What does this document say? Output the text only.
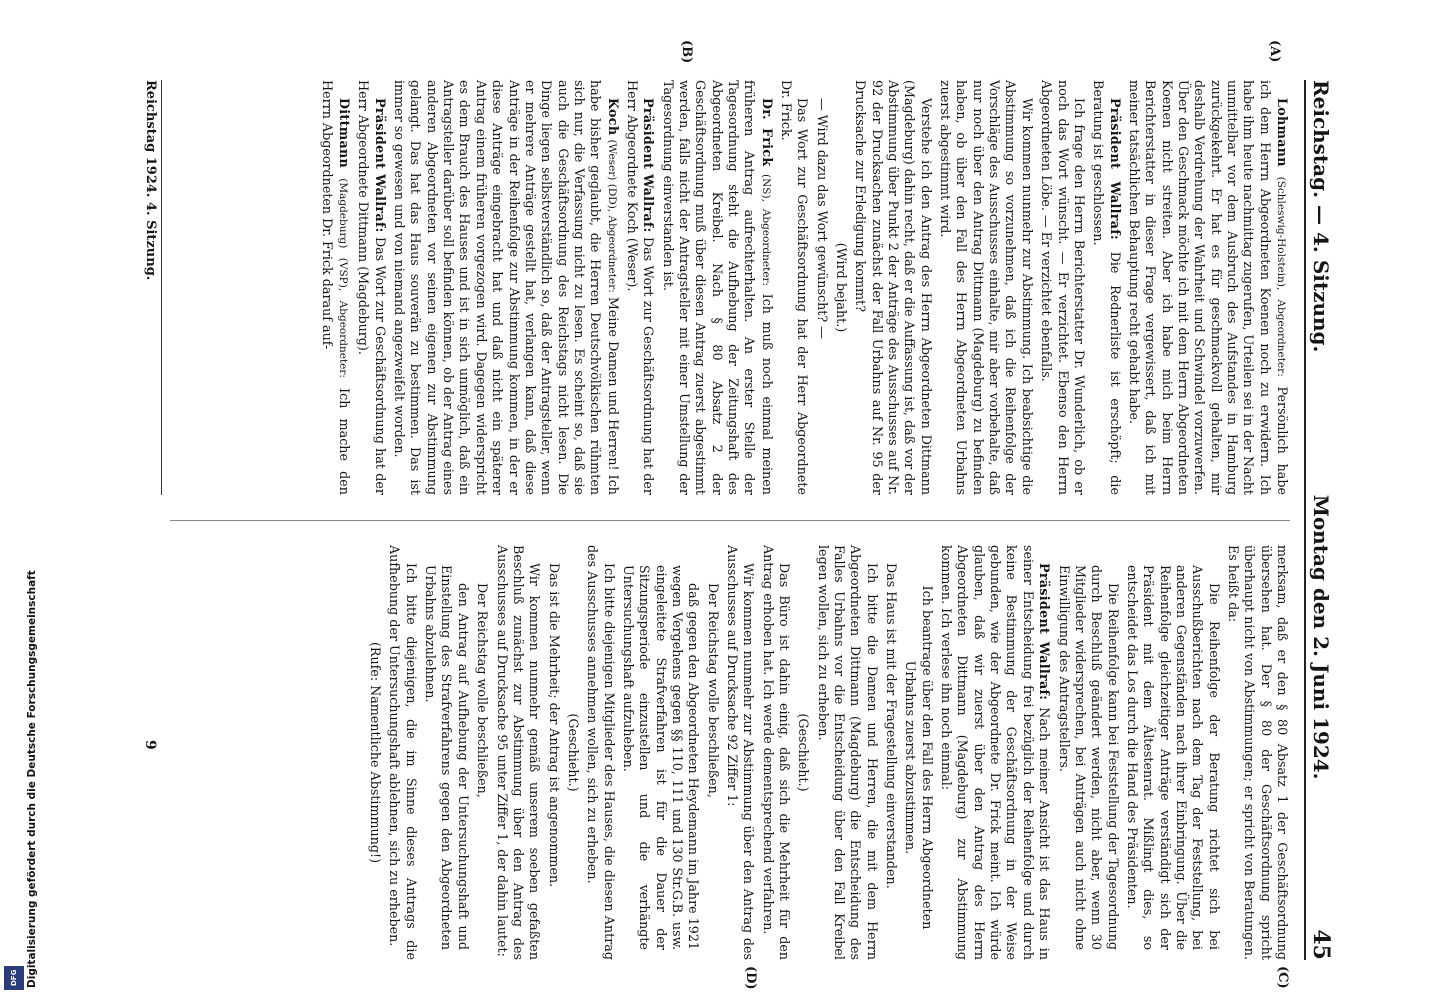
Digitalisierung gefördert durch die Deutsche Forschungsgemeinschaft
DFG
Reichstag. — 4. Sitzung.
Montag den 2. Juni 1924.
45
(A)
(B)
(C)
(D)

Lohmann (Schleswig-Holstein), Abgeordneter: Persönlich habe ich dem Herrn Abgeordneten Koenen noch zu erwidern. Ich habe ihm heute nachmittag zugerufen, Urteilen sei in der Nacht unmittelbar vor dem Ausbruch des Aufstandes in Hamburg zurückgekehrt. Er hat es für geschmackvoll gehalten, mir deshalb Verdrehung der Wahrheit und Schwindel vorzuwerfen. Über den Geschmack möchte ich mit dem Herrn Abgeordneten Koenen nicht streiten. Aber ich habe mich beim Herrn Berichterstatter in dieser Frage vergewissert, daß ich mit meiner tatsächlichen Behauptung recht gehabt habe.

Präsident Wallraf: Die Rednerliste ist erschöpft; die Beratung ist geschlossen.

Ich frage den Herrn Berichterstatter Dr. Wunderlich, ob er noch das Wort wünscht. — Er verzichtet. Ebenso den Herrn Abgeordneten Löbe. — Er verzichtet ebenfalls.

Wir kommen nunmehr zur Abstimmung. Ich beabsichtige die Abstimmung so vorzunehmen, daß ich die Reihenfolge der Vorschläge des Ausschusses einhalte, mir aber vorbehalte, daß nur noch über den Antrag Dittmann (Magdeburg) zu befinden haben, ob über den Fall des Herrn Abgeordneten Urbahns zuerst abgestimmt wird.

Verstehe ich den Antrag des Herrn Abgeordneten Dittmann (Magdeburg) dahin recht, daß er die Auffassung ist, daß vor der Abstimmung über Punkt 2 der Anträge des Ausschusses auf Nr. 92 der Drucksachen zunächst der Fall Urbahns auf Nr. 95 der Drucksache zur Erledigung kommt?

(Wird bejaht.)

— Wird dazu das Wort gewünscht? —

Das Wort zur Geschäftsordnung hat der Herr Abgeordnete Dr. Frick.

Dr. Frick (NS), Abgeordneter: Ich muß noch einmal meinen früheren Antrag aufrechterhalten. An erster Stelle der Tagesordnung steht die Aufhebung der Zeitungshaft des Abgeordneten Kreibel. Nach § 80 Absatz 2 der Geschäftsordnung muß über diesen Antrag zuerst abgestimmt werden, falls nicht der Antragsteller mit einer Umstellung der Tagesordnung einverstanden ist.

Präsident Wallraf: Das Wort zur Geschäftsordnung hat der Herr Abgeordnete Koch (Weser).

Koch (Weser) (DD), Abgeordneter: Meine Damen und Herren! Ich habe bisher geglaubt, die Herren Deutschvölkischen rühmten sich nur, die Verfassung nicht zu lesen. Es scheint so, daß sie auch die Geschäftsordnung des Reichstags nicht lesen. Die Dinge liegen selbstverständlich so, daß der Antragsteller, wenn er mehrere Anträge gestellt hat, verlangen kann, daß diese Anträge in der Reihenfolge zur Abstimmung kommen, in der er diese Anträge eingebracht hat und daß nicht ein späterer Antrag einem früheren vorgezogen wird. Dagegen widerspricht es dem Brauch des Hauses und ist in sich unmöglich, daß ein Antragsteller darüber soll befinden können, ob der Antrag eines anderen Abgeordneten vor seinen eigenen zur Abstimmung gelangt. Das hat das Haus souverän zu bestimmen. Das ist immer so gewesen und von niemand angezweifelt worden.

Präsident Wallraf: Das Wort zur Geschäftsordnung hat der Herr Abgeordnete Dittmann (Magdeburg).

Dittmann (Magdeburg) (VSP), Abgeordneter: Ich mache den Herrn Abgeordneten Dr. Frick darauf auf-

merksam, daß er den § 80 Absatz 1 der Geschäftsordnung übersehen hat. Der § 80 der Geschäftsordnung spricht überhaupt nicht von Abstimmungen; er spricht von Beratungen. Es heißt da:

Die Reihenfolge der Beratung richtet sich bei Ausschußberichten nach dem Tag der Feststellung, bei anderen Gegenständen nach ihrer Einbringung. Über die Reihenfolge gleichzeitiger Anträge verständigt sich der Präsident mit dem Ältestenrat. Mißlingt dies, so entscheidet das Los durch die Hand des Präsidenten.

Die Reihenfolge kann bei Feststellung der Tagesordnung durch Beschluß geändert werden, nicht aber, wenn 30 Mitglieder widersprechen, bei Anträgen auch nicht ohne Einwilligung des Antragstellers.

Präsident Wallraf: Nach meiner Ansicht ist das Haus in seiner Entscheidung frei bezüglich der Reihenfolge und durch keine Bestimmung der Geschäftsordnung in der Weise gebunden, wie der Abgeordnete Dr. Frick meint. Ich würde glauben, daß wir zuerst über den Antrag des Herrn Abgeordneten Dittmann (Magdeburg) zur Abstimmung kommen. Ich verlese ihn noch einmal:

Ich beantrage über den Fall des Herrn Abgeordneten Urbahns zuerst abzustimmen.

Das Haus ist mit der Fragestellung einverstanden.

Ich bitte die Damen und Herren, die mit dem Herrn Abgeordneten Dittmann (Magdeburg) die Entscheidung des Falles Urbahns vor die Entscheidung über den Fall Kreibel legen wollen, sich zu erheben.

(Geschieht.)

Das Büro ist dahin einig, daß sich die Mehrheit für den Antrag erhoben hat. Ich werde dementsprechend verfahren.

Wir kommen nunmehr zur Abstimmung über den Antrag des Ausschusses auf Drucksache 92 Ziffer 1:

Der Reichstag wolle beschließen,

daß gegen den Abgeordneten Heydemann im Jahre 1921 wegen Vergehens gegen §§ 110, 111 und 130 Str.G.B. usw. eingeleitete Strafverfahren ist für die Dauer der Sitzungsperiode einzustellen und die verhängte Untersuchungshaft aufzuheben.

Ich bitte diejenigen Mitglieder des Hauses, die diesen Antrag des Ausschusses annehmen wollen, sich zu erheben.

(Geschieht.)

Das ist die Mehrheit; der Antrag ist angenommen.

Wir kommen nunmehr gemäß unserem soeben gefaßten Beschluß zunächst zur Abstimmung über den Antrag des Ausschusses auf Drucksache 95 unter Ziffer 1, der dahin lautet:

Der Reichstag wolle beschließen,

den Antrag auf Aufhebung der Untersuchungshaft und Einstellung des Strafverfahrens gegen den Abgeordneten Urbahns abzulehnen.

Ich bitte diejenigen, die im Sinne dieses Antrags die Aufhebung der Untersuchungshaft ablehnen, sich zu erheben.

(Rufe: Namentliche Abstimmung!)

Reichstag 1924. 4. Sitzung.
9
